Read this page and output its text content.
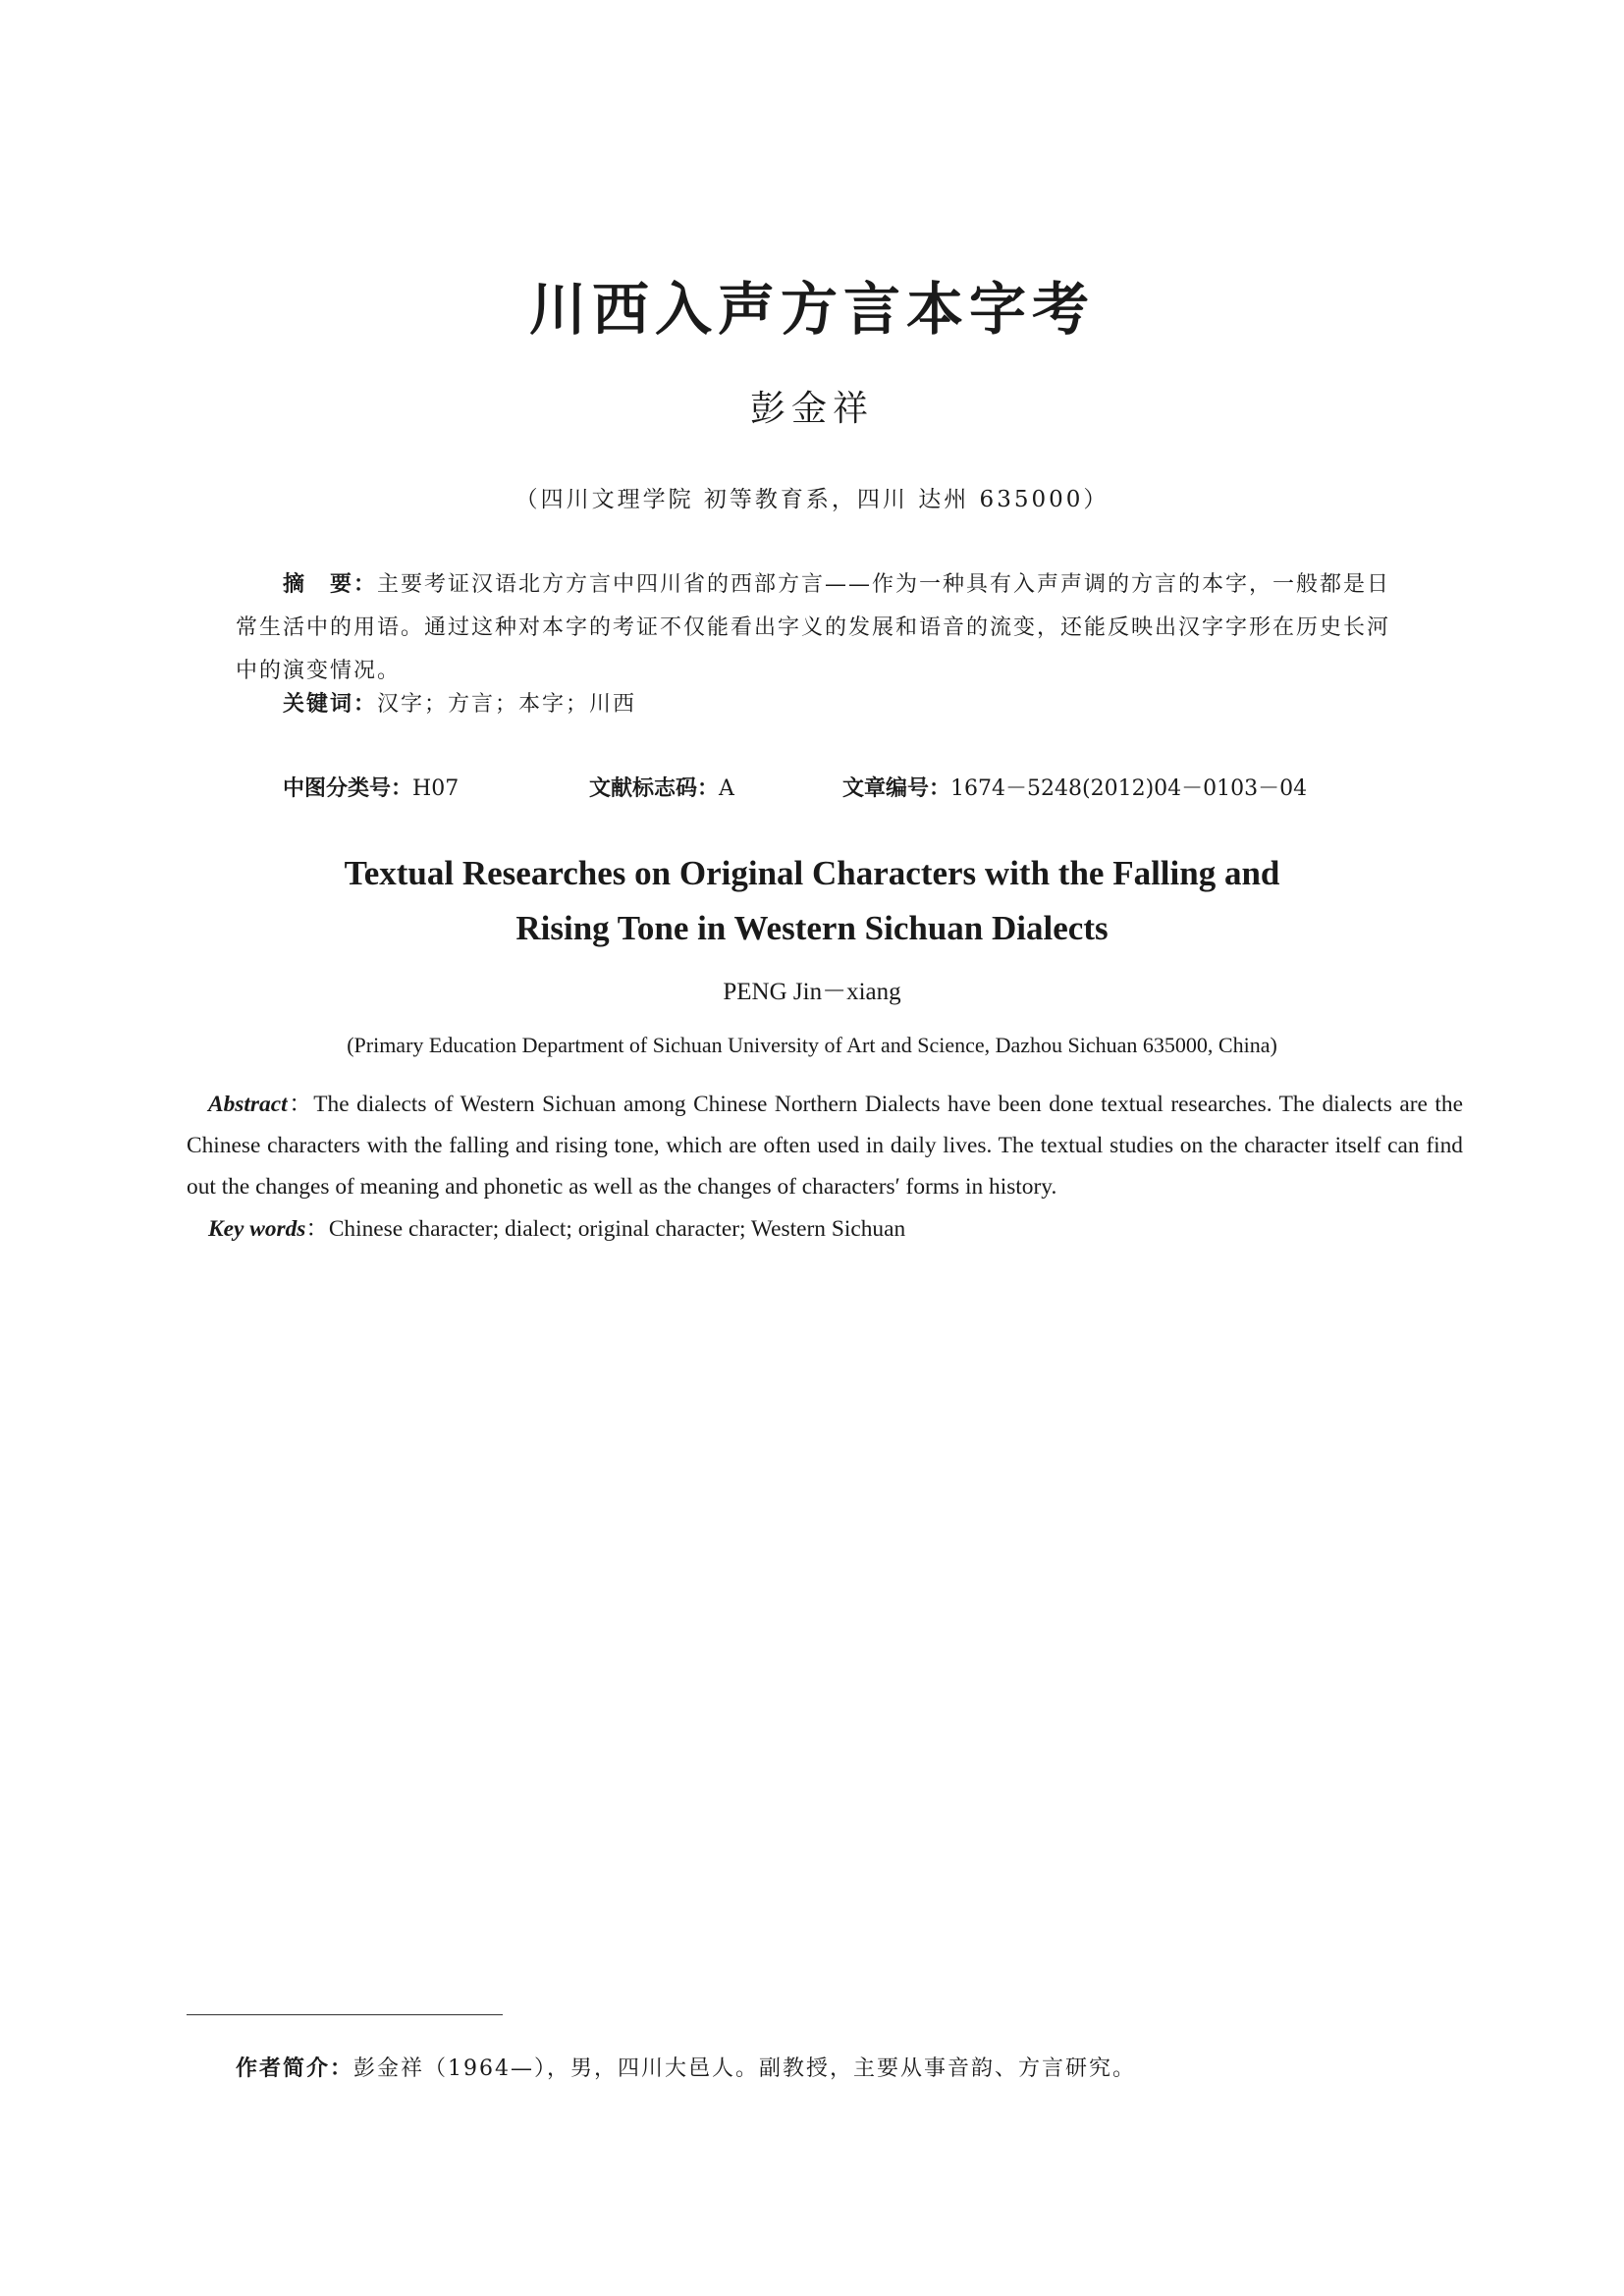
川西入声方言本字考
彭金祥
（四川文理学院 初等教育系，四川 达州 635000）
摘　要：主要考证汉语北方方言中四川省的西部方言——作为一种具有入声声调的方言的本字，一般都是日常生活中的用语。通过这种对本字的考证不仅能看出字义的发展和语音的流变，还能反映出汉字字形在历史长河中的演变情况。
关键词：汉字；方言；本字；川西
中图分类号：H07	文献标志码：A	文章编号：1674－5248(2012)04－0103－04
Textual Researches on Original Characters with the Falling and
Rising Tone in Western Sichuan Dialects
PENG Jin－xiang
(Primary Education Department of Sichuan University of Art and Science, Dazhou Sichuan 635000, China)
Abstract：The dialects of Western Sichuan among Chinese Northern Dialects have been done textual researches. The dialects are the Chinese characters with the falling and rising tone, which are often used in daily lives. The textual studies on the character itself can find out the changes of meaning and phonetic as well as the changes of characters′ forms in history.
Key words：Chinese character; dialect; original character; Western Sichuan
作者简介：彭金祥（1964—），男，四川大邑人。副教授，主要从事音韵、方言研究。
